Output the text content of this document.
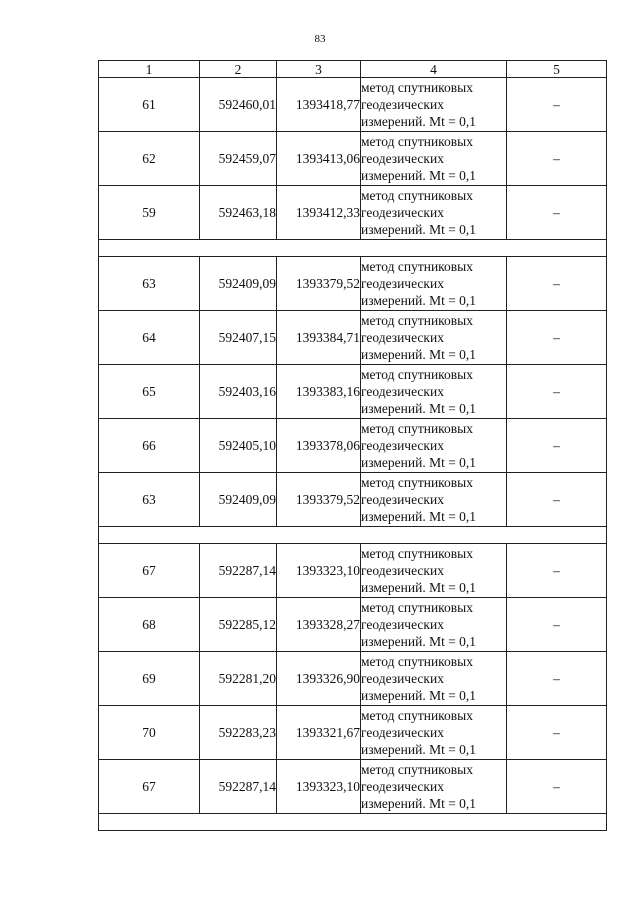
83
1	2	3	4	5
61	592460,01	1393418,77	метод спутниковых
геодезических
измерений. Mt = 0,1	–
62	592459,07	1393413,06	метод спутниковых
геодезических
измерений. Mt = 0,1	–
59	592463,18	1393412,33	метод спутниковых
геодезических
измерений. Mt = 0,1	–

63	592409,09	1393379,52	метод спутниковых
геодезических
измерений. Mt = 0,1	–
64	592407,15	1393384,71	метод спутниковых
геодезических
измерений. Mt = 0,1	–
65	592403,16	1393383,16	метод спутниковых
геодезических
измерений. Mt = 0,1	–
66	592405,10	1393378,06	метод спутниковых
геодезических
измерений. Mt = 0,1	–
63	592409,09	1393379,52	метод спутниковых
геодезических
измерений. Mt = 0,1	–

67	592287,14	1393323,10	метод спутниковых
геодезических
измерений. Mt = 0,1	–
68	592285,12	1393328,27	метод спутниковых
геодезических
измерений. Mt = 0,1	–
69	592281,20	1393326,90	метод спутниковых
геодезических
измерений. Mt = 0,1	–
70	592283,23	1393321,67	метод спутниковых
геодезических
измерений. Mt = 0,1	–
67	592287,14	1393323,10	метод спутниковых
геодезических
измерений. Mt = 0,1	–
